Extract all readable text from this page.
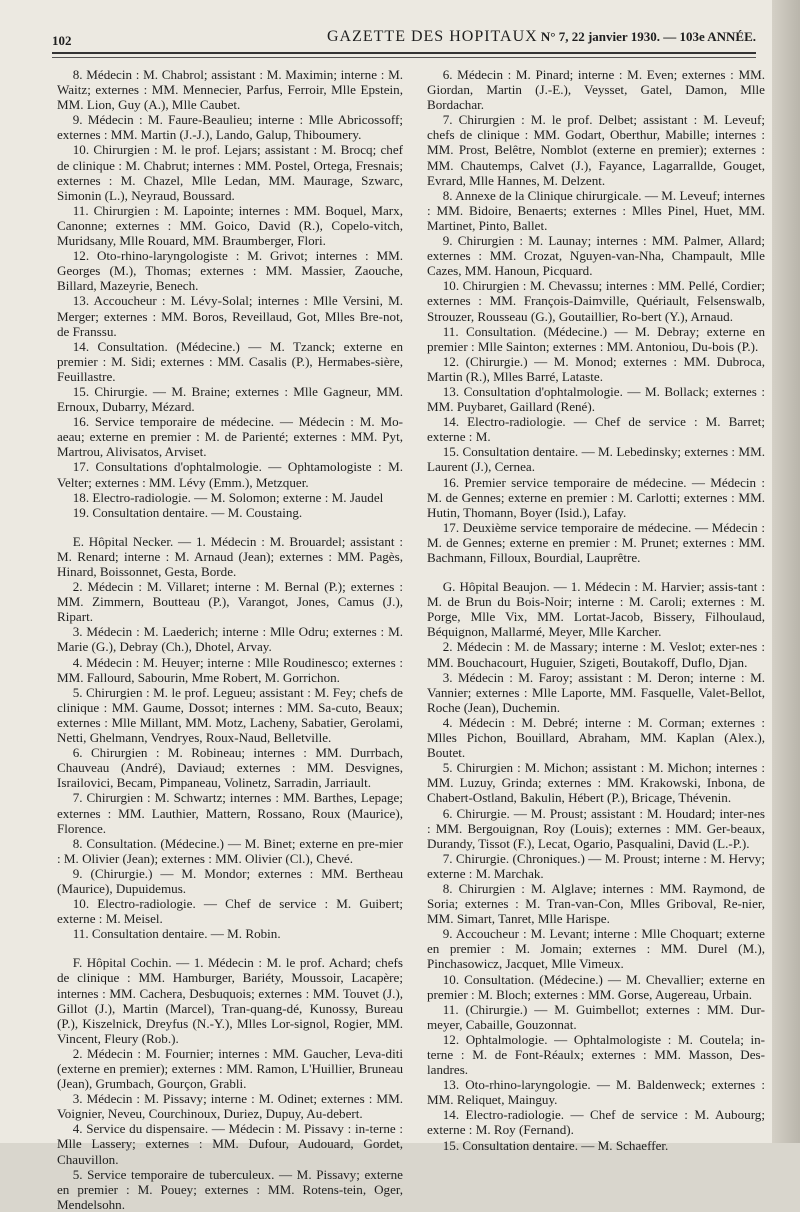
102	GAZETTE DES HOPITAUX N° 7, 22 janvier 1930. — 103e ANNÉE.

8. Médecin : M. Chabrol; assistant : M. Maximin; interne : M. Waitz; externes : MM. Mennecier, Parfus, Ferroir, Mlle Epstein, MM. Lion, Guy (A.), Mlle Caubet.

9. Médecin : M. Faure-Beaulieu; interne : Mlle Abricossoff; externes : MM. Martin (J.-J.), Lando, Galup, Thiboumery.

10. Chirurgien : M. le prof. Lejars; assistant : M. Brocq; chef de clinique : M. Chabrut; internes : MM. Postel, Ortega, Fresnais; externes : M. Chazel, Mlle Ledan, MM. Maurage, Szwarc, Simonin (L.), Neyraud, Boussard.

11. Chirurgien : M. Lapointe; internes : MM. Boquel, Marx, Canonne; externes : MM. Goico, David (R.), Copelo-vitch, Muridsany, Mlle Rouard, MM. Braumberger, Flori.

12. Oto-rhino-laryngologiste : M. Grivot; internes : MM. Georges (M.), Thomas; externes : MM. Massier, Zaouche, Billard, Mazeyrie, Benech.

13. Accoucheur : M. Lévy-Solal; internes : Mlle Versini, M. Merger; externes : MM. Boros, Reveillaud, Got, Mlles Bre-not, de Franssu.

14. Consultation. (Médecine.) — M. Tzanck; externe en premier : M. Sidi; externes : MM. Casalis (P.), Hermabes-sière, Feuillastre.

15. Chirurgie. — M. Braine; externes : Mlle Gagneur, MM. Ernoux, Dubarry, Mézard.

16. Service temporaire de médecine. — Médecin : M. Mo-aeau; externe en premier : M. de Parienté; externes : MM. Pyt, Martrou, Alivisatos, Arviset.

17. Consultations d'ophtalmologie. — Ophtamologiste : M. Velter; externes : MM. Lévy (Emm.), Metzquer.

18. Electro-radiologie. — M. Solomon; externe : M. Jaudel

19. Consultation dentaire. — M. Coustaing.

E. Hôpital Necker. — 1. Médecin : M. Brouardel; assistant : M. Renard; interne : M. Arnaud (Jean); externes : MM. Pagès, Hinard, Boissonnet, Gesta, Borde.

2. Médecin : M. Villaret; interne : M. Bernal (P.); externes : MM. Zimmern, Boutteau (P.), Varangot, Jones, Camus (J.), Ripart.

3. Médecin : M. Laederich; interne : Mlle Odru; externes : M. Marie (G.), Debray (Ch.), Dhotel, Arvay.

4. Médecin : M. Heuyer; interne : Mlle Roudinesco; externes : MM. Fallourd, Sabourin, Mme Robert, M. Gorrichon.

5. Chirurgien : M. le prof. Legueu; assistant : M. Fey; chefs de clinique : MM. Gaume, Dossot; internes : MM. Sa-cuto, Beaux; externes : Mlle Millant, MM. Motz, Lacheny, Sabatier, Gerolami, Netti, Ghelmann, Vendryes, Roux-Naud, Belletville.

6. Chirurgien : M. Robineau; internes : MM. Durrbach, Chauveau (André), Daviaud; externes : MM. Desvignes, Israilovici, Becam, Pimpaneau, Volinetz, Sarradin, Jarriault.

7. Chirurgien : M. Schwartz; internes : MM. Barthes, Lepage; externes : MM. Lauthier, Mattern, Rossano, Roux (Maurice), Florence.

8. Consultation. (Médecine.) — M. Binet; externe en pre-mier : M. Olivier (Jean); externes : MM. Olivier (Cl.), Chevé.

9. (Chirurgie.) — M. Mondor; externes : MM. Bertheau (Maurice), Dupuidemus.

10. Electro-radiologie. — Chef de service : M. Guibert; externe : M. Meisel.

11. Consultation dentaire. — M. Robin.

F. Hôpital Cochin. — 1. Médecin : M. le prof. Achard; chefs de clinique : MM. Hamburger, Bariéty, Moussoir, Lacapère; internes : MM. Cachera, Desbuquois; externes : MM. Touvet (J.), Gillot (J.), Martin (Marcel), Tran-quang-dé, Kunossy, Bureau (P.), Kiszelnick, Dreyfus (N.-Y.), Mlles Lor-signol, Rogier, MM. Vincent, Fleury (Rob.).

2. Médecin : M. Fournier; internes : MM. Gaucher, Leva-diti (externe en premier); externes : MM. Ramon, L'Huillier, Bruneau (Jean), Grumbach, Gourçon, Grabli.

3. Médecin : M. Pissavy; interne : M. Odinet; externes : MM. Voignier, Neveu, Courchinoux, Duriez, Dupuy, Au-debert.

4. Service du dispensaire. — Médecin : M. Pissavy : in-terne : Mlle Lassery; externes : MM. Dufour, Audouard, Gordet, Chauvillon.

5. Service temporaire de tuberculeux. — M. Pissavy; externe en premier : M. Pouey; externes : MM. Rotens-tein, Oger, Mendelsohn.

6. Médecin : M. Pinard; interne : M. Even; externes : MM. Giordan, Martin (J.-E.), Veysset, Gatel, Damon, Mlle Bordachar.

7. Chirurgien : M. le prof. Delbet; assistant : M. Leveuf; chefs de clinique : MM. Godart, Oberthur, Mabille; internes : MM. Prost, Belêtre, Nomblot (externe en premier); externes : MM. Chautemps, Calvet (J.), Fayance, Lagarrallde, Gouget, Evrard, Mlle Hannes, M. Delzent.

8. Annexe de la Clinique chirurgicale. — M. Leveuf; internes : MM. Bidoire, Benaerts; externes : Mlles Pinel, Huet, MM. Martinet, Pinto, Ballet.

9. Chirurgien : M. Launay; internes : MM. Palmer, Allard; externes : MM. Crozat, Nguyen-van-Nha, Champault, Mlle Cazes, MM. Hanoun, Picquard.

10. Chirurgien : M. Chevassu; internes : MM. Pellé, Cordier; externes : MM. François-Daimville, Quériault, Felsenswalb, Strouzer, Rousseau (G.), Goutaillier, Ro-bert (Y.), Arnaud.

11. Consultation. (Médecine.) — M. Debray; externe en premier : Mlle Sainton; externes : MM. Antoniou, Du-bois (P.).

12. (Chirurgie.) — M. Monod; externes : MM. Dubroca, Martin (R.), Mlles Barré, Lataste.

13. Consultation d'ophtalmologie. — M. Bollack; externes : MM. Puybaret, Gaillard (René).

14. Electro-radiologie. — Chef de service : M. Barret; externe : M.

15. Consultation dentaire. — M. Lebedinsky; externes : MM. Laurent (J.), Cernea.

16. Premier service temporaire de médecine. — Médecin : M. de Gennes; externe en premier : M. Carlotti; externes : MM. Hutin, Thomann, Boyer (Isid.), Lafay.

17. Deuxième service temporaire de médecine. — Médecin : M. de Gennes; externe en premier : M. Prunet; externes : MM. Bachmann, Filloux, Bourdial, Lauprêtre.

G. Hôpital Beaujon. — 1. Médecin : M. Harvier; assis-tant : M. de Brun du Bois-Noir; interne : M. Caroli; externes : M. Porge, Mlle Vix, MM. Lortat-Jacob, Bissery, Filhoulaud, Béquignon, Mallarmé, Meyer, Mlle Karcher.

2. Médecin : M. de Massary; interne : M. Veslot; exter-nes : MM. Bouchacourt, Huguier, Szigeti, Boutakoff, Duflo, Djan.

3. Médecin : M. Faroy; assistant : M. Deron; interne : M. Vannier; externes : Mlle Laporte, MM. Fasquelle, Valet-Bellot, Roche (Jean), Duchemin.

4. Médecin : M. Debré; interne : M. Corman; externes : Mlles Pichon, Bouillard, Abraham, MM. Kaplan (Alex.), Boutet.

5. Chirurgien : M. Michon; assistant : M. Michon; internes : MM. Luzuy, Grinda; externes : MM. Krakowski, Inbona, de Chabert-Ostland, Bakulin, Hébert (P.), Bricage, Thévenin.

6. Chirurgie. — M. Proust; assistant : M. Houdard; inter-nes : MM. Bergouignan, Roy (Louis); externes : MM. Ger-beaux, Durandy, Tissot (F.), Lecat, Ogario, Pasqualini, David (L.-P.).

7. Chirurgie. (Chroniques.) — M. Proust; interne : M. Hervy; externe : M. Marchak.

8. Chirurgien : M. Alglave; internes : MM. Raymond, de Soria; externes : M. Tran-van-Con, Mlles Griboval, Re-nier, MM. Simart, Tanret, Mlle Harispe.

9. Accoucheur : M. Levant; interne : Mlle Choquart; externe en premier : M. Jomain; externes : MM. Durel (M.), Pinchasowicz, Jacquet, Mlle Vimeux.

10. Consultation. (Médecine.) — M. Chevallier; externe en premier : M. Bloch; externes : MM. Gorse, Augereau, Urbain.

11. (Chirurgie.) — M. Guimbellot; externes : MM. Dur-meyer, Cabaille, Gouzonnat.

12. Ophtalmologie. — Ophtalmologiste : M. Coutela; in-terne : M. de Font-Réaulx; externes : MM. Masson, Des-landres.

13. Oto-rhino-laryngologie. — M. Baldenweck; externes : MM. Reliquet, Mainguy.

14. Electro-radiologie. — Chef de service : M. Aubourg; externe : M. Roy (Fernand).

15. Consultation dentaire. — M. Schaeffer.
